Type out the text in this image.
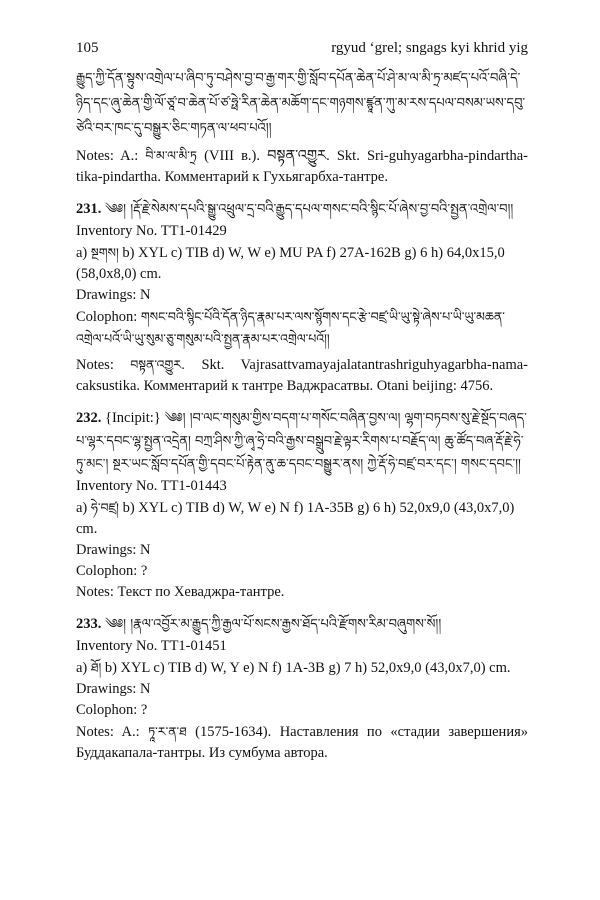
105	rgyud ‘grel; sngags kyi khrid yig
རྒྱུད་ཀྱི་དོན་སྟུས་འགྲེལ་པ་ཞིབ་ཏུ་བཤེས་བྱ་བ་རྒྱ་གར་གྱི་སློབ་དཔོན་ཆེན་པོ་ཤེ་མ་ལ་མི་ཏྲ་མཛད་པའོ་བཞི་དེ་ཉིད་དང་ཞུ་ཆེན་གྱི་ལོ་ཙཱ་བ་ཆེན་པོ་ཙ་ཧྥེ་རིན་ཆེན་མཆོག་དང་གཉགས་ཛྙཱན་ཀུ་མ་རས་དཔལ་བསམ་ཡས་དབུ་ཙེའི་བར་ཁང་དུ་བསྒྱུར་ཅིང་གཏན་ལ་ཕབ་པའོ།།

Notes: A.: བི་མ་ལ་མི་ཏྲ (VIII в.). བསྟན་འགྱུར. Skt. Sri-guhyagarbha-pindartha-tika-pindartha. Комментарий к Гухьягарбха-тантре.

231. ༄༅། །རྡོ་རྗེ་སེམས་དཔའི་སྒྱུ་འཕྲུལ་དྲ་བའི་རྒྱུད་དཔལ་གསང་བའི་སྙིང་པོ་ཞེས་བྱ་བའི་སྤྱན་འགྲེལ་བ།།

Inventory No. TT1-01429

a) སྔགས། b) XYL c) TIB d) W, W e) MU PA f) 27A-162B g) 6 h) 64,0x15,0 (58,0x8,0) cm.

Drawings: N

Colophon: གསང་བའི་སྙིང་པོའི་དོན་ཉིད་རྣམ་པར་ལས་སྙོགས་དང་རྩེ་བཛྲ་ཡི་ཡུ་སྟེ་ཞེས་པ་ཡི་ཡུ་མཆན་འགྲེལ་པའོ་ཡི་ཡུ་སུམ་ཅུ་གསུམ་པའི་སྤྱན་རྣམ་པར་འགྲེལ་པའོ།།

Notes: བསྟན་འགྱུར. Skt. Vajrasattvamayajalatantrashriguhyagarbha-nama-caksustika. Комментарий к тантре Ваджрасатвы. Otani beijing: 4756.

232. {Incipit:} ༄༅། །བ་ལང་གསུམ་གྱིས་བདག་པ་གསོང་བཞིན་བྱས་ལ། ལྷག་བཏབས་སུ་རྗེ་སྔོད་བཞད་པ་ལྷར་དབང་ལྷ་སྤྱན་འདྲེན། བཀྲ་ཤིས་ཀྱི་ཞྭ་ཧྲེ་བའི་རྒྱས་བསྒྲུབ་རྗེ་ལྟར་རིགས་པ་བརྗོད་ལ། ཆུ་ཚོད་བཞ་རྡོ་རྗེ་ཧེ་ཏུ་མང་། སྔར་ཡང་སློབ་དཔོན་གྱི་དབང་པོ་རྟེན་ནུ་ཆ་དབང་བསྒྱུར་ནས། ཀྱེ་རྡོ་ཧེ་བཛྲ་བར་དང་། གསང་དབང་།།

Inventory No. TT1-01443

a) ཧེ་བཛྲ། b) XYL c) TIB d) W, W e) N f) 1A-35B g) 6 h) 52,0x9,0 (43,0x7,0) cm.

Drawings: N

Colophon: ?

Notes: Текст по Хеваджра-тантре.

233. ༄༅། །རྣལ་འབྱོར་མ་རྒྱུད་ཀྱི་རྒྱལ་པོ་སངས་རྒྱས་ཐོད་པའི་རྫོགས་རིམ་བཞུགས་སོ།།

Inventory No. TT1-01451

a) ཐོ། b) XYL c) TIB d) W, Y e) N f) 1A-3B g) 7 h) 52,0x9,0 (43,0x7,0) cm.

Drawings: N

Colophon: ?

Notes: A.: ཏཱ་ར་ན་ཐ (1575-1634). Наставления по «стадии завершения» Буддакапала-тантры. Из сумбума автора.
